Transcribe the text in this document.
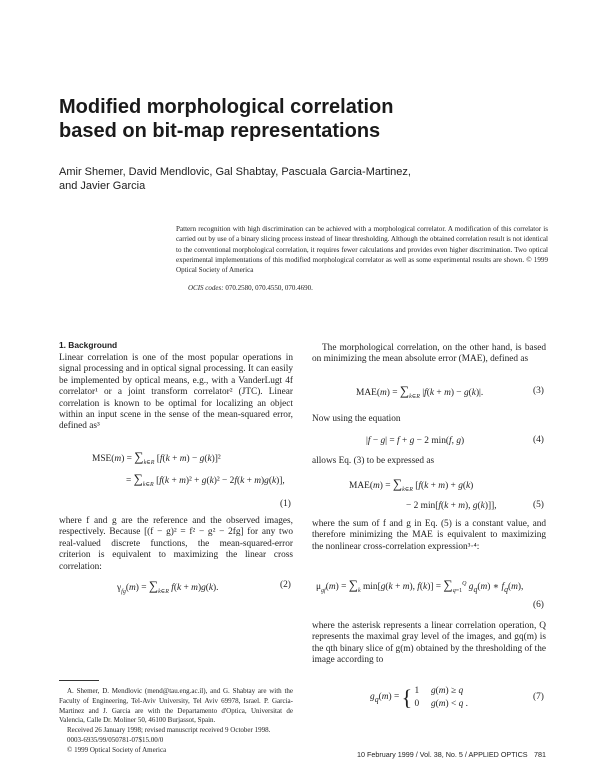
Modified morphological correlation
based on bit-map representations

Amir Shemer, David Mendlovic, Gal Shabtay, Pascuala Garcia-Martinez, and Javier Garcia

Pattern recognition with high discrimination can be achieved with a morphological correlator. A modification of this correlator is carried out by use of a binary slicing process instead of linear thresholding. Although the obtained correlation result is not identical to the conventional morphological correlation, it requires fewer calculations and provides even higher discrimination. Two optical experimental implementations of this modified morphological correlator as well as some experimental results are shown. © 1999 Optical Society of America

OCIS codes: 070.2580, 070.4550, 070.4690.
1. Background

Linear correlation is one of the most popular operations in signal processing and in optical signal processing. It can easily be implemented by optical means, e.g., with a VanderLugt 4f correlator¹ or a joint transform correlator² (JTC). Linear correlation is known to be optimal for localizing an object within an input scene in the sense of the mean-squared error, defined as³

$MSE(m) = \sum_{k\in R}$ [f(k + m) − g(k)]²
= $\sum_{k\in R}$ [f(k + m)² + g(k)² − 2f(k + m)g(k)],
(1)

where f and g are the reference and the observed images, respectively. Because [(f − g)² = f² − g² − 2fg] for any two real-valued discrete functions, the mean-squared-error criterion is equivalent to maximizing the linear cross correlation:

$\gamma_{fg}(m) = \sum_{k\in R}$ f(k + m)g(k).	(2)

A. Shemer, D. Mendlovic (mend@tau.eng.ac.il), and G. Shabtay are with the Faculty of Engineering, Tel-Aviv University, Tel Aviv 69978, Israel. P. Garcia-Martinez and J. Garcia are with the Departamento d'Optica, Universitat de Valencia, Calle Dr. Moliner 50, 46100 Burjassot, Spain.

Received 26 January 1998; revised manuscript received 9 October 1998.

0003-6935/99/050781-07$15.00/0

© 1999 Optical Society of America

The morphological correlation, on the other hand, is based on minimizing the mean absolute error (MAE), defined as

$MAE(m) = \sum_{k\in R}$ |f(k + m) − g(k)|.	(3)

Now using the equation

|f − g| = f + g − 2 min(f, g)	(4)

allows Eq. (3) to be expressed as

$MAE(m) = \sum_{k\in R}$ [f(k + m) + g(k)
− 2 min[f(k + m), g(k)]],	(5)

where the sum of f and g in Eq. (5) is a constant value, and therefore minimizing the MAE is equivalent to maximizing the nonlinear cross-correlation expression³·⁴:

$\mu_{gf}(m) = \sum_k$ min[g(k + m), $f(k)] = \sum_{q=1}^Q$ $g_q(m)$ ∗ $f_q(m)$,
(6)

where the asterisk represents a linear correlation operation, Q represents the maximal gray level of the images, and gq(m) is the qth binary slice of g(m) obtained by the thresholding of the image according to

$g_q(m)$ = { 1     g(m) ≥ q
0     g(m) < q .
(7)
10 February 1999 / Vol. 38, No. 5 / APPLIED OPTICS 781
